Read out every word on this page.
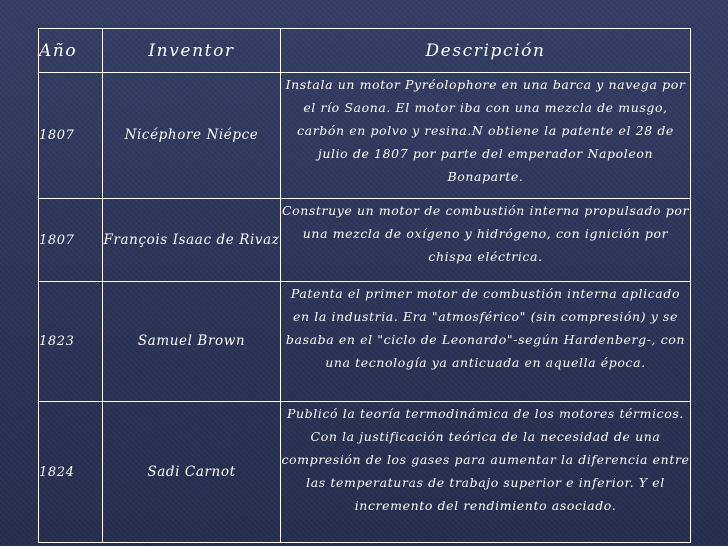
Año	Inventor	Descripción
1807	Nicéphore Niépce	Instala un motor Pyréolophore en una barca y navega por el río Saona. El motor iba con una mezcla de musgo, carbón en polvo y resina.N obtiene la patente el 28 de julio de 1807 por parte del emperador Napoleon Bonaparte.
1807	François Isaac de Rivaz	Construye un motor de combustión interna propulsado por una mezcla de oxígeno y hidrógeno, con ignición por chispa eléctrica.
1823	Samuel Brown	Patenta el primer motor de combustión interna aplicado en la industria. Era "atmosférico" (sin compresión) y se basaba en el "ciclo de Leonardo"-según Hardenberg-, con una tecnología ya anticuada en aquella época.
1824	Sadi Carnot	Publicó la teoría termodinámica de los motores térmicos. Con la justificación teórica de la necesidad de una compresión de los gases para aumentar la diferencia entre las temperaturas de trabajo superior e inferior. Y el incremento del rendimiento asociado.
